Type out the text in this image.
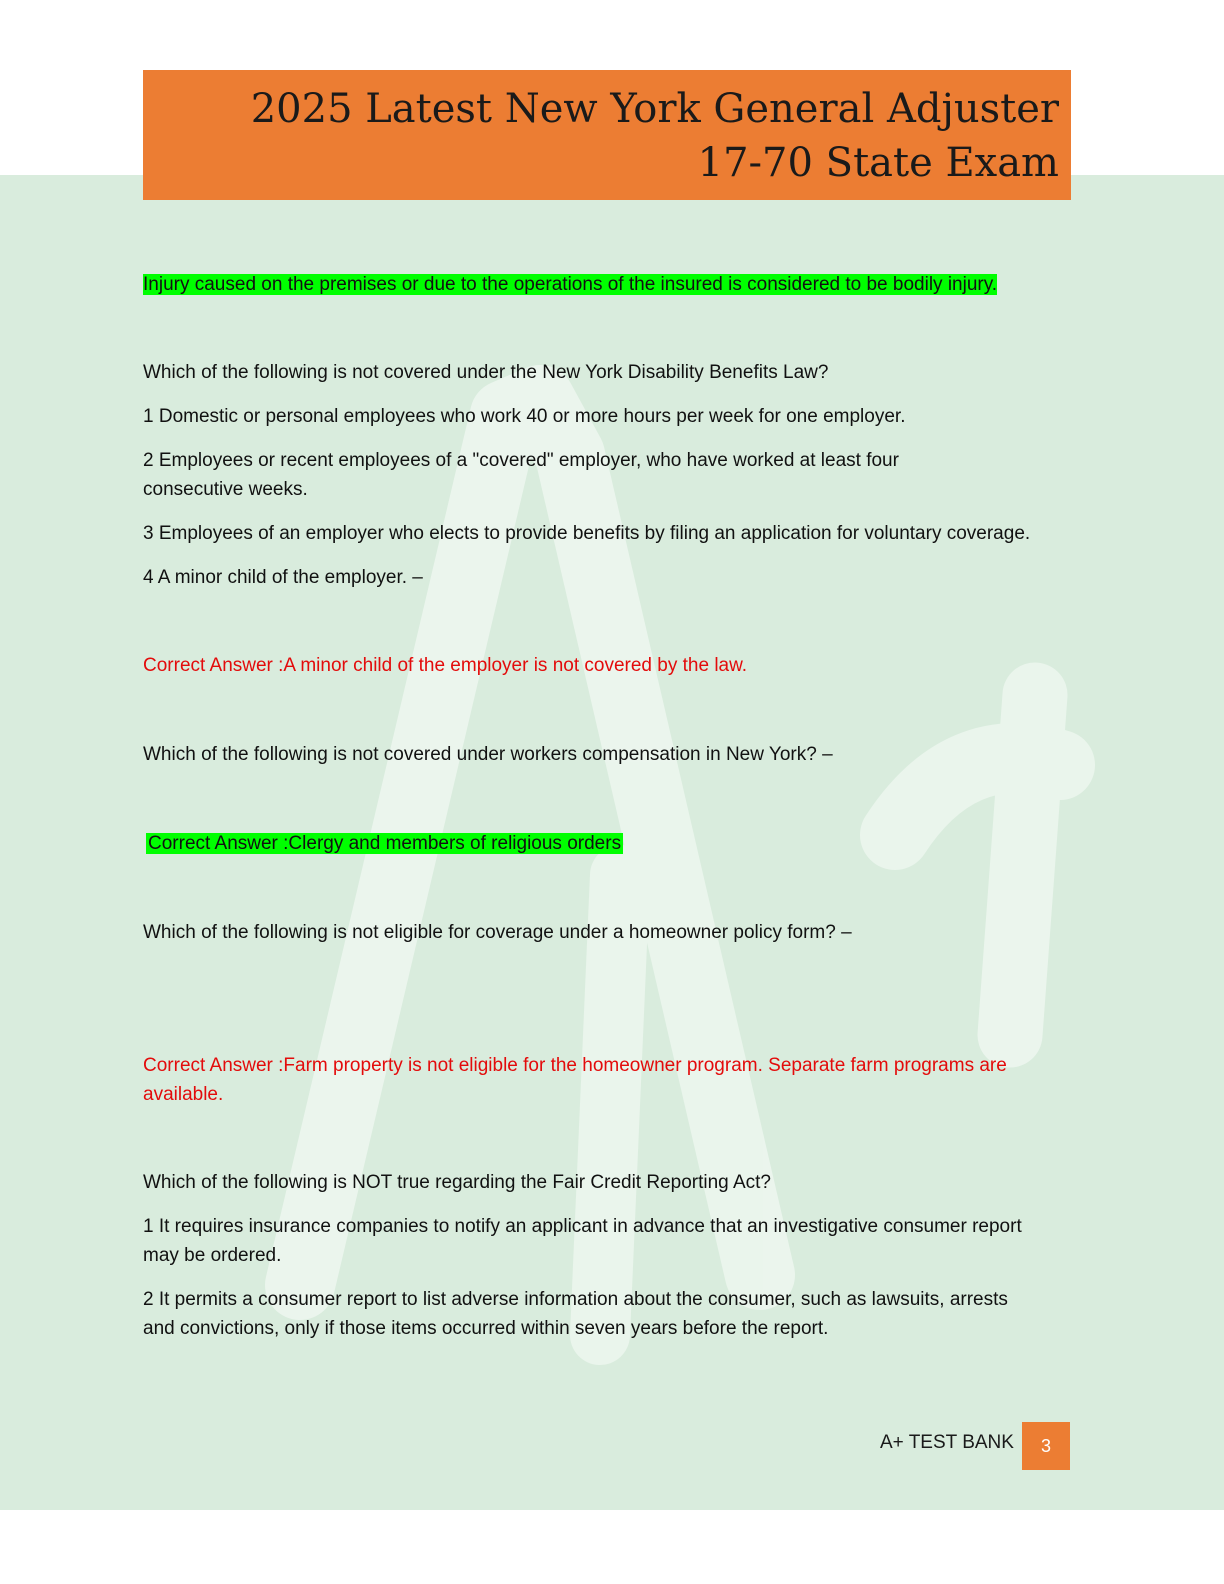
2025 Latest New York General Adjuster 17-70 State Exam

Injury caused on the premises or due to the operations of the insured is considered to be bodily injury.

Which of the following is not covered under the New York Disability Benefits Law?

1 Domestic or personal employees who work 40 or more hours per week for one employer.

2 Employees or recent employees of a "covered" employer, who have worked at least four consecutive weeks.

3 Employees of an employer who elects to provide benefits by filing an application for voluntary coverage.

4 A minor child of the employer. –

Correct Answer :A minor child of the employer is not covered by the law.

Which of the following is not covered under workers compensation in New York? –

Correct Answer :Clergy and members of religious orders

Which of the following is not eligible for coverage under a homeowner policy form? –

Correct Answer :Farm property is not eligible for the homeowner program. Separate farm programs are available.

Which of the following is NOT true regarding the Fair Credit Reporting Act?

1 It requires insurance companies to notify an applicant in advance that an investigative consumer report may be ordered.

2 It permits a consumer report to list adverse information about the consumer, such as lawsuits, arrests and convictions, only if those items occurred within seven years before the report.

A+ TEST BANK	3
